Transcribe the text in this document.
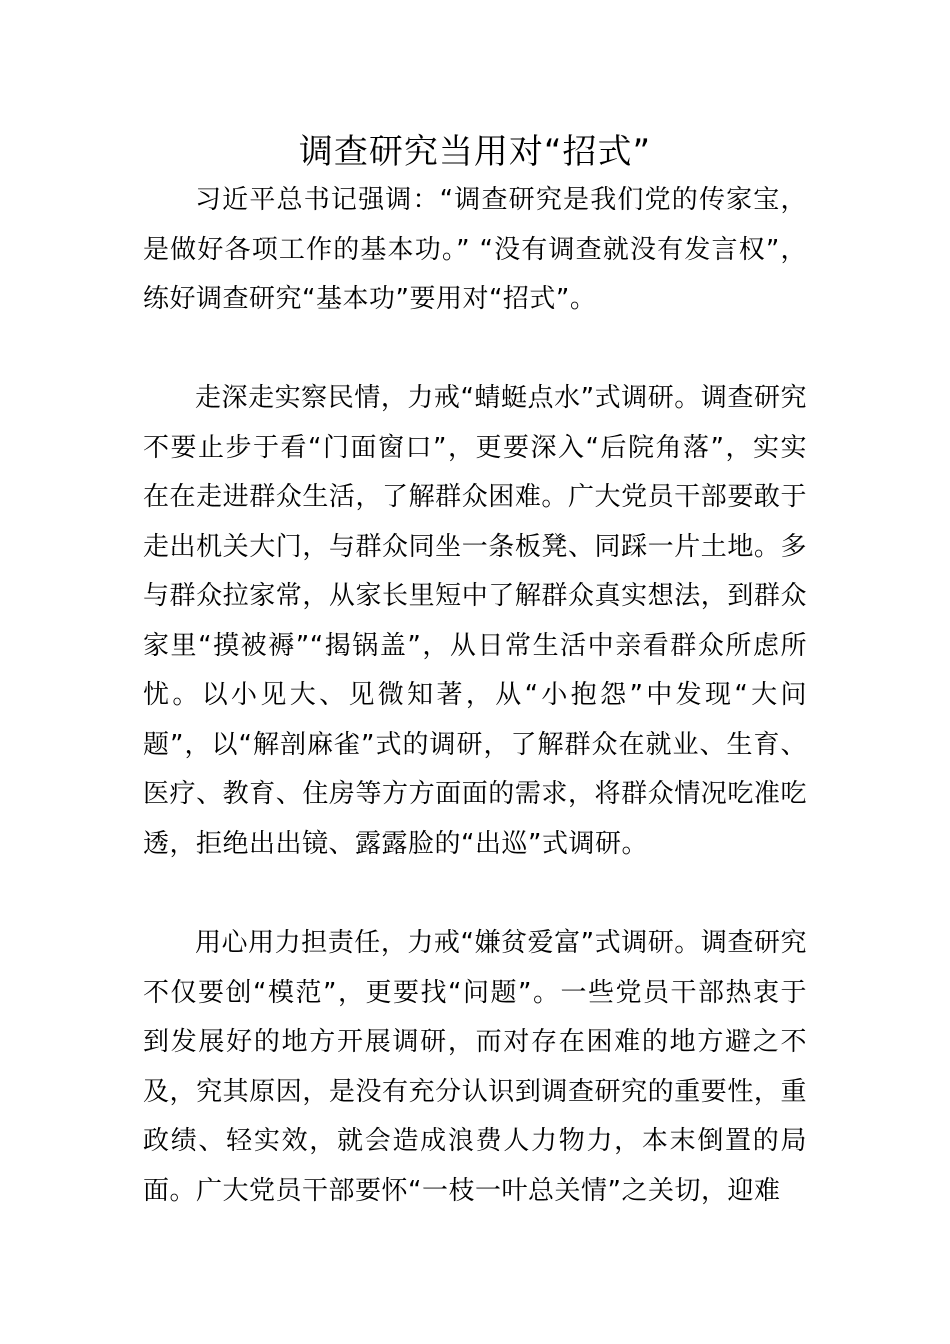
调查研究当用对“招式”

习近平总书记强调：“调查研究是我们党的传家宝，是做好各项工作的基本功。” “没有调查就没有发言权”，练好调查研究“基本功”要用对“招式”。

走深走实察民情，力戒“蜻蜓点水”式调研。调查研究不要止步于看“门面窗口”，更要深入“后院角落”，实实在在走进群众生活，了解群众困难。广大党员干部要敢于走出机关大门，与群众同坐一条板凳、同踩一片土地。多与群众拉家常，从家长里短中了解群众真实想法，到群众家里“摸被褥”“揭锅盖”，从日常生活中亲看群众所虑所忧。以小见大、见微知著，从“小抱怨”中发现“大问题”，以“解剖麻雀”式的调研，了解群众在就业、生育、医疗、教育、住房等方方面面的需求，将群众情况吃准吃透，拒绝出出镜、露露脸的“出巡”式调研。

用心用力担责任，力戒“嫌贫爱富”式调研。调查研究不仅要创“模范”，更要找“问题”。一些党员干部热衷于到发展好的地方开展调研，而对存在困难的地方避之不及，究其原因，是没有充分认识到调查研究的重要性，重政绩、轻实效，就会造成浪费人力物力，本末倒置的局面。广大党员干部要怀“一枝一叶总关情”之关切，迎难
